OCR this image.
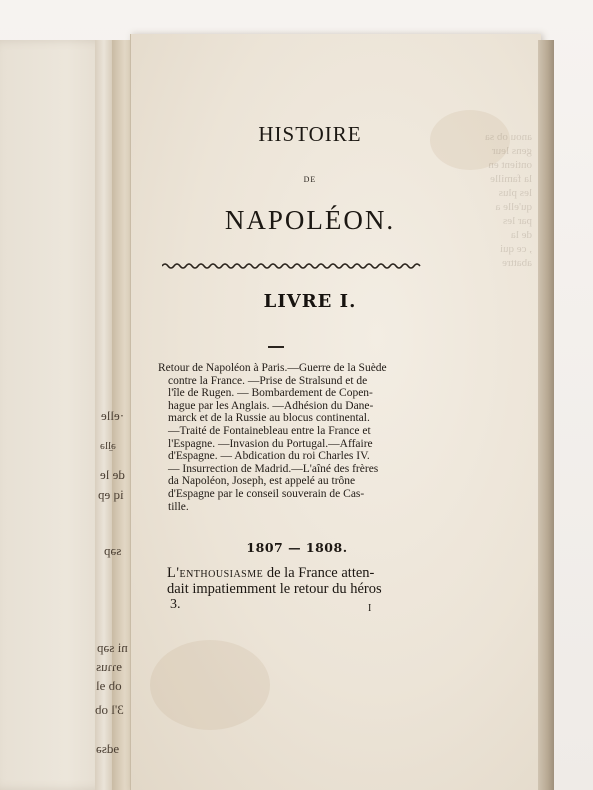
·elle
ə̤llə
de le
iq ep
sǝp
ni sǝp
ɘɿɿus
ob ɘl
3'l ob
ɘdsǝ
anou ob sa
gens leur
ontient en
la famille
les plus
qu'elle a
par les
de la
, ce qui
abattre
HISTOIRE
DE
NAPOLÉON.
LIVRE I.
Retour de Napoléon à Paris.—Guerre de la Suède
contre la France. —Prise de Stralsund et de
l'île de Rugen. — Bombardement de Copen-
hague par les Anglais. —Adhésion du Dane-
marck et de la Russie au blocus continental.
—Traité de Fontainebleau entre la France et
l'Espagne. —Invasion du Portugal.—Affaire
d'Espagne. — Abdication du roi Charles IV.
— Insurrection de Madrid.—L'aîné des frères
da Napoléon, Joseph, est appelé au trône
d'Espagne par le conseil souverain de Cas-
tille.
1807 — 1808.
L'enthousiasme de la France atten-
dait impatiemment le retour du héros
3.	I
